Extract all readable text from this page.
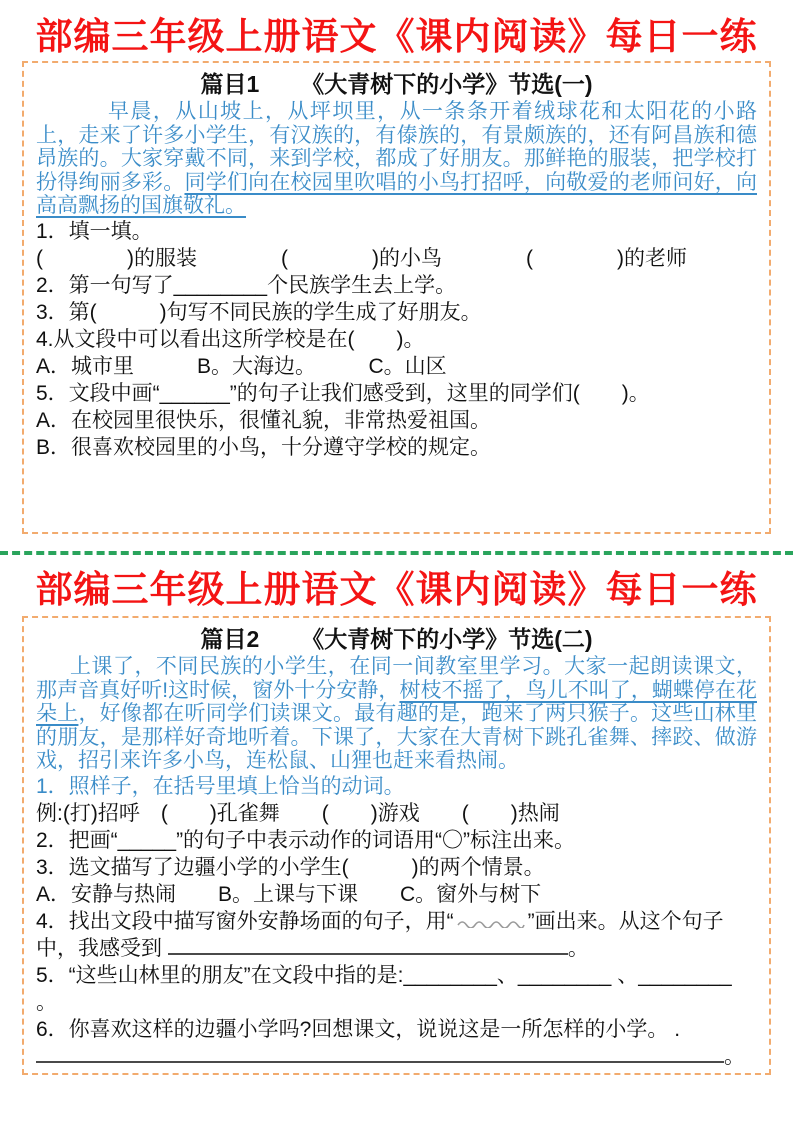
部编三年级上册语文《课内阅读》每日一练
篇目1 《大青树下的小学》节选(一)

早晨，从山坡上，从坪坝里，从一条条开着绒球花和太阳花的小路上，走来了许多小学生，有汉族的，有傣族的，有景颇族的，还有阿昌族和德昂族的。大家穿戴不同，来到学校，都成了好朋友。那鲜艳的服装，把学校打扮得绚丽多彩。同学们向在校园里吹唱的小鸟打招呼，向敬爱的老师问好，向高高飘扬的国旗敬礼。

1．填一填。

(　　　　)的服装　　　　(　　　　)的小鸟　　　　(　　　　)的老师

2．第一句写了________个民族学生去上学。

3．第(　　　)句写不同民族的学生成了好朋友。

4.从文段中可以看出这所学校是在(　　)。

A．城市里　　　B。大海边。　　　C。山区

5．文段中画“______”的句子让我们感受到，这里的同学们(　　)。

A．在校园里很快乐，很懂礼貌，非常热爱祖国。

B．很喜欢校园里的小鸟，十分遵守学校的规定。

部编三年级上册语文《课内阅读》每日一练
篇目2 《大青树下的小学》节选(二)

上课了，不同民族的小学生，在同一间教室里学习。大家一起朗读课文，那声音真好听!这时候，窗外十分安静，树枝不摇了，鸟儿不叫了，蝴蝶停在花朵上，好像都在听同学们读课文。最有趣的是，跑来了两只猴子。这些山林里的朋友，是那样好奇地听着。下课了，大家在大青树下跳孔雀舞、摔跤、做游戏，招引来许多小鸟，连松鼠、山狸也赶来看热闹。

1．照样子，在括号里填上恰当的动词。

例:(打)招呼　(　　)孔雀舞　　(　　)游戏　　(　　)热闹

2．把画“_____”的句子中表示动作的词语用“〇”标注出来。

3．选文描写了边疆小学的小学生(　　　)的两个情景。

A．安静与热闹　　B。上课与下课　　C。窗外与树下

4．找出文段中描写窗外安静场面的句子，用“	”画出来。从这个句子中，我感受到	。

5．“这些山林里的朋友”在文段中指的是:________、________ 、________ 。

6．你喜欢这样的边疆小学吗?回想课文，说说这是一所怎样的小学。 .

。
